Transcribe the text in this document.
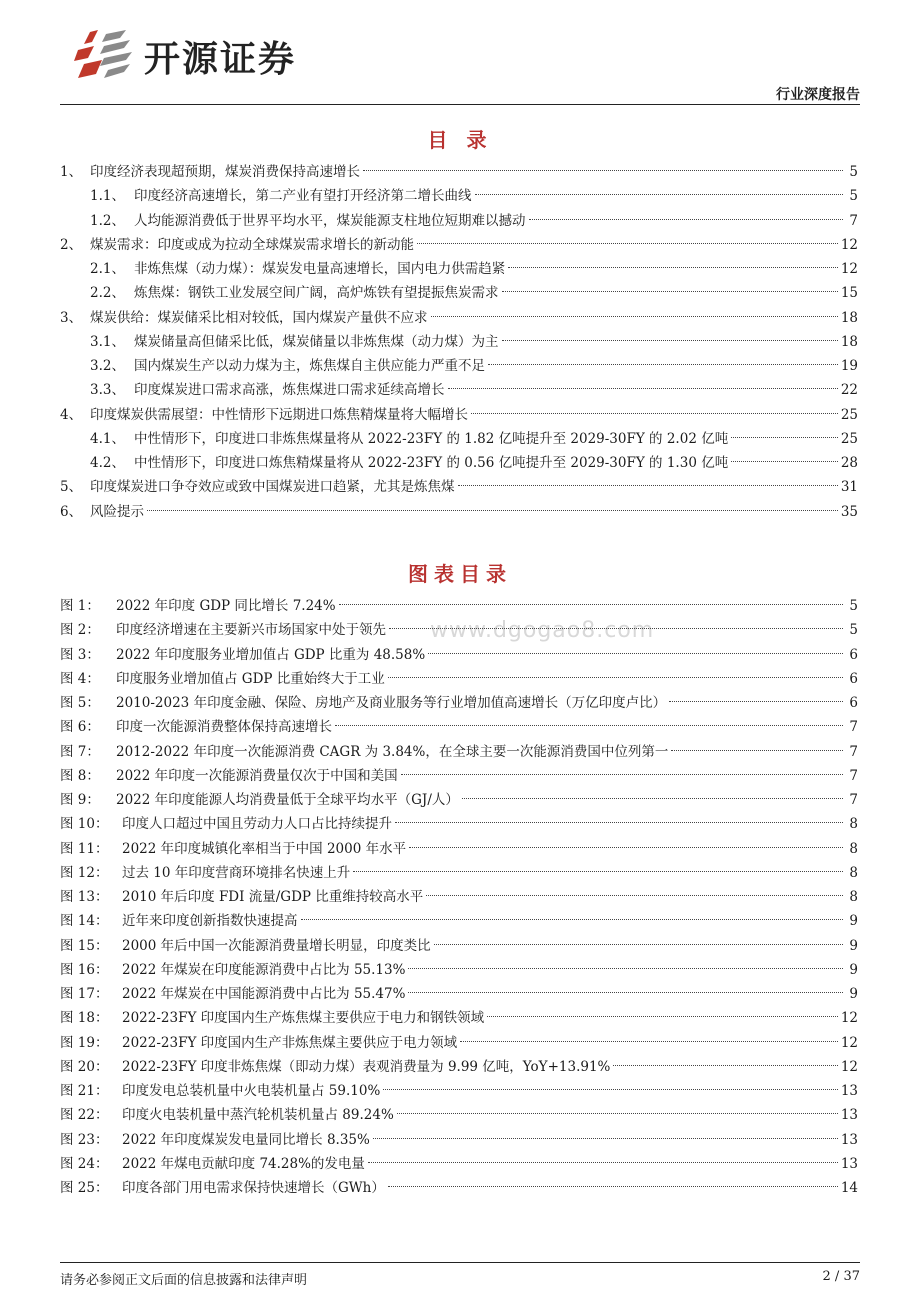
开源证券
行业深度报告
目 录
1、 印度经济表现超预期，煤炭消费保持高速增长	5
1.1、 印度经济高速增长，第二产业有望打开经济第二增长曲线	5
1.2、 人均能源消费低于世界平均水平，煤炭能源支柱地位短期难以撼动	7
2、 煤炭需求：印度或成为拉动全球煤炭需求增长的新动能	12
2.1、 非炼焦煤（动力煤）：煤炭发电量高速增长，国内电力供需趋紧	12
2.2、 炼焦煤：钢铁工业发展空间广阔，高炉炼铁有望提振焦炭需求	15
3、 煤炭供给：煤炭储采比相对较低，国内煤炭产量供不应求	18
3.1、 煤炭储量高但储采比低，煤炭储量以非炼焦煤（动力煤）为主	18
3.2、 国内煤炭生产以动力煤为主，炼焦煤自主供应能力严重不足	19
3.3、 印度煤炭进口需求高涨，炼焦煤进口需求延续高增长	22
4、 印度煤炭供需展望：中性情形下远期进口炼焦精煤量将大幅增长	25
4.1、 中性情形下，印度进口非炼焦煤量将从 2022-23FY 的 1.82 亿吨提升至 2029-30FY 的 2.02 亿吨	25
4.2、 中性情形下，印度进口炼焦精煤量将从 2022-23FY 的 0.56 亿吨提升至 2029-30FY 的 1.30 亿吨	28
5、 印度煤炭进口争夺效应或致中国煤炭进口趋紧，尤其是炼焦煤	31
6、 风险提示	35
图表目录
www.dgogao8.com
图 1：	2022 年印度 GDP 同比增长 7.24%	5
图 2：	印度经济增速在主要新兴市场国家中处于领先	5
图 3：	2022 年印度服务业增加值占 GDP 比重为 48.58%	6
图 4：	印度服务业增加值占 GDP 比重始终大于工业	6
图 5：	2010-2023 年印度金融、保险、房地产及商业服务等行业增加值高速增长（万亿印度卢比）	6
图 6：	印度一次能源消费整体保持高速增长	7
图 7：	2012-2022 年印度一次能源消费 CAGR 为 3.84%，在全球主要一次能源消费国中位列第一	7
图 8：	2022 年印度一次能源消费量仅次于中国和美国	7
图 9：	2022 年印度能源人均消费量低于全球平均水平（GJ/人）	7
图 10：	印度人口超过中国且劳动力人口占比持续提升	8
图 11：	2022 年印度城镇化率相当于中国 2000 年水平	8
图 12：	过去 10 年印度营商环境排名快速上升	8
图 13：	2010 年后印度 FDI 流量/GDP 比重维持较高水平	8
图 14：	近年来印度创新指数快速提高	9
图 15：	2000 年后中国一次能源消费量增长明显，印度类比	9
图 16：	2022 年煤炭在印度能源消费中占比为 55.13%	9
图 17：	2022 年煤炭在中国能源消费中占比为 55.47%	9
图 18：	2022-23FY 印度国内生产炼焦煤主要供应于电力和钢铁领域	12
图 19：	2022-23FY 印度国内生产非炼焦煤主要供应于电力领域	12
图 20：	2022-23FY 印度非炼焦煤（即动力煤）表观消费量为 9.99 亿吨，YoY+13.91%	12
图 21：	印度发电总装机量中火电装机量占 59.10%	13
图 22：	印度火电装机量中蒸汽轮机装机量占 89.24%	13
图 23：	2022 年印度煤炭发电量同比增长 8.35%	13
图 24：	2022 年煤电贡献印度 74.28%的发电量	13
图 25：	印度各部门用电需求保持快速增长（GWh）	14
请务必参阅正文后面的信息披露和法律声明	2 / 37
